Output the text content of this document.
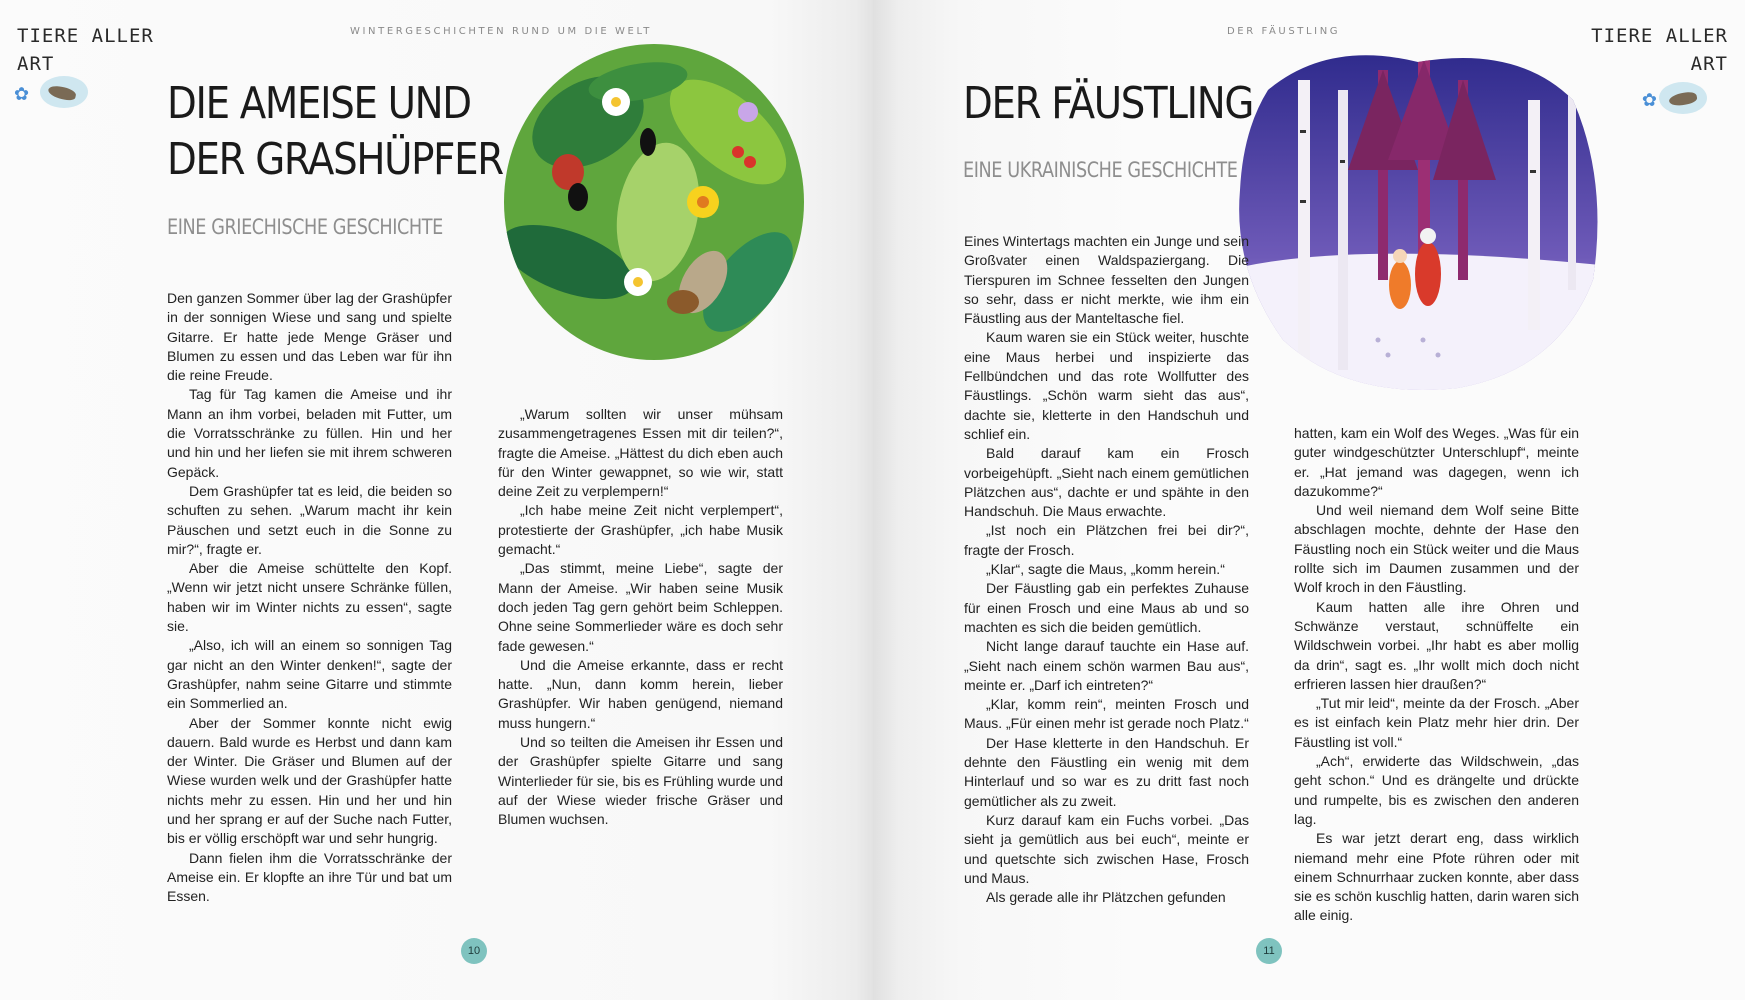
TIERE ALLER
ART
✿
WINTERGESCHICHTEN RUND UM DIE WELT
DIE AMEISE UND
DER GRASHÜPFER
EINE GRIECHISCHE GESCHICHTE

Den ganzen Sommer über lag der Grashüpfer in der sonnigen Wiese und sang und spielte Gitarre. Er hatte jede Menge Gräser und Blumen zu essen und das Leben war für ihn die reine Freude.

Tag für Tag kamen die Ameise und ihr Mann an ihm vorbei, beladen mit Futter, um die Vorratsschränke zu füllen. Hin und her und hin und her liefen sie mit ihrem schweren Gepäck.

Dem Grashüpfer tat es leid, die beiden so schuften zu sehen. „Warum macht ihr kein Päuschen und setzt euch in die Sonne zu mir?“, fragte er.

Aber die Ameise schüttelte den Kopf. „Wenn wir jetzt nicht unsere Schränke füllen, haben wir im Winter nichts zu essen“, sagte sie.

„Also, ich will an einem so sonnigen Tag gar nicht an den Winter denken!“, sagte der Grashüpfer, nahm seine Gitarre und stimmte ein Sommerlied an.

Aber der Sommer konnte nicht ewig dauern. Bald wurde es Herbst und dann kam der Winter. Die Gräser und Blumen auf der Wiese wurden welk und der Grashüpfer hatte nichts mehr zu essen. Hin und her und hin und her sprang er auf der Suche nach Futter, bis er völlig erschöpft war und sehr hungrig.

Dann fielen ihm die Vorratsschränke der Ameise ein. Er klopfte an ihre Tür und bat um Essen.

„Warum sollten wir unser mühsam zusammengetragenes Essen mit dir teilen?“, fragte die Ameise. „Hättest du dich eben auch für den Winter gewappnet, so wie wir, statt deine Zeit zu verplempern!“

„Ich habe meine Zeit nicht verplempert“, protestierte der Grashüpfer, „ich habe Musik gemacht.“

„Das stimmt, meine Liebe“, sagte der Mann der Ameise. „Wir haben seine Musik doch jeden Tag gern gehört beim Schleppen. Ohne seine Sommerlieder wäre es doch sehr fade gewesen.“

Und die Ameise erkannte, dass er recht hatte. „Nun, dann komm herein, lieber Grashüpfer. Wir haben genügend, niemand muss hungern.“

Und so teilten die Ameisen ihr Essen und der Grashüpfer spielte Gitarre und sang Winterlieder für sie, bis es Frühling wurde und auf der Wiese wieder frische Gräser und Blumen wuchsen.

10
TIERE ALLER
ART
✿
DER FÄUSTLING
DER FÄUSTLING
EINE UKRAINISCHE GESCHICHTE

Eines Wintertags machten ein Junge und sein Großvater einen Waldspaziergang. Die Tierspuren im Schnee fesselten den Jungen so sehr, dass er nicht merkte, wie ihm ein Fäustling aus der Manteltasche fiel.

Kaum waren sie ein Stück weiter, huschte eine Maus herbei und inspizierte das Fellbündchen und das rote Wollfutter des Fäustlings. „Schön warm sieht das aus“, dachte sie, kletterte in den Handschuh und schlief ein.

Bald darauf kam ein Frosch vorbeigehüpft. „Sieht nach einem gemütlichen Plätzchen aus“, dachte er und spähte in den Handschuh. Die Maus erwachte.

„Ist noch ein Plätzchen frei bei dir?“, fragte der Frosch.

„Klar“, sagte die Maus, „komm herein.“

Der Fäustling gab ein perfektes Zuhause für einen Frosch und eine Maus ab und so machten es sich die beiden gemütlich.

Nicht lange darauf tauchte ein Hase auf. „Sieht nach einem schön warmen Bau aus“, meinte er. „Darf ich eintreten?“

„Klar, komm rein“, meinten Frosch und Maus. „Für einen mehr ist gerade noch Platz.“

Der Hase kletterte in den Handschuh. Er dehnte den Fäustling ein wenig mit dem Hinterlauf und so war es zu dritt fast noch gemütlicher als zu zweit.

Kurz darauf kam ein Fuchs vorbei. „Das sieht ja gemütlich aus bei euch“, meinte er und quetschte sich zwischen Hase, Frosch und Maus.

Als gerade alle ihr Plätzchen gefunden

hatten, kam ein Wolf des Weges. „Was für ein guter windgeschützter Unterschlupf“, meinte er. „Hat jemand was dagegen, wenn ich dazukomme?“

Und weil niemand dem Wolf seine Bitte abschlagen mochte, dehnte der Hase den Fäustling noch ein Stück weiter und die Maus rollte sich im Daumen zusammen und der Wolf kroch in den Fäustling.

Kaum hatten alle ihre Ohren und Schwänze verstaut, schnüffelte ein Wildschwein vorbei. „Ihr habt es aber mollig da drin“, sagt es. „Ihr wollt mich doch nicht erfrieren lassen hier draußen?“

„Tut mir leid“, meinte da der Frosch. „Aber es ist einfach kein Platz mehr hier drin. Der Fäustling ist voll.“

„Ach“, erwiderte das Wildschwein, „das geht schon.“ Und es drängelte und drückte und rumpelte, bis es zwischen den anderen lag.

Es war jetzt derart eng, dass wirklich niemand mehr eine Pfote rühren oder mit einem Schnurrhaar zucken konnte, aber dass sie es schön kuschlig hatten, darin waren sich alle einig.

11
